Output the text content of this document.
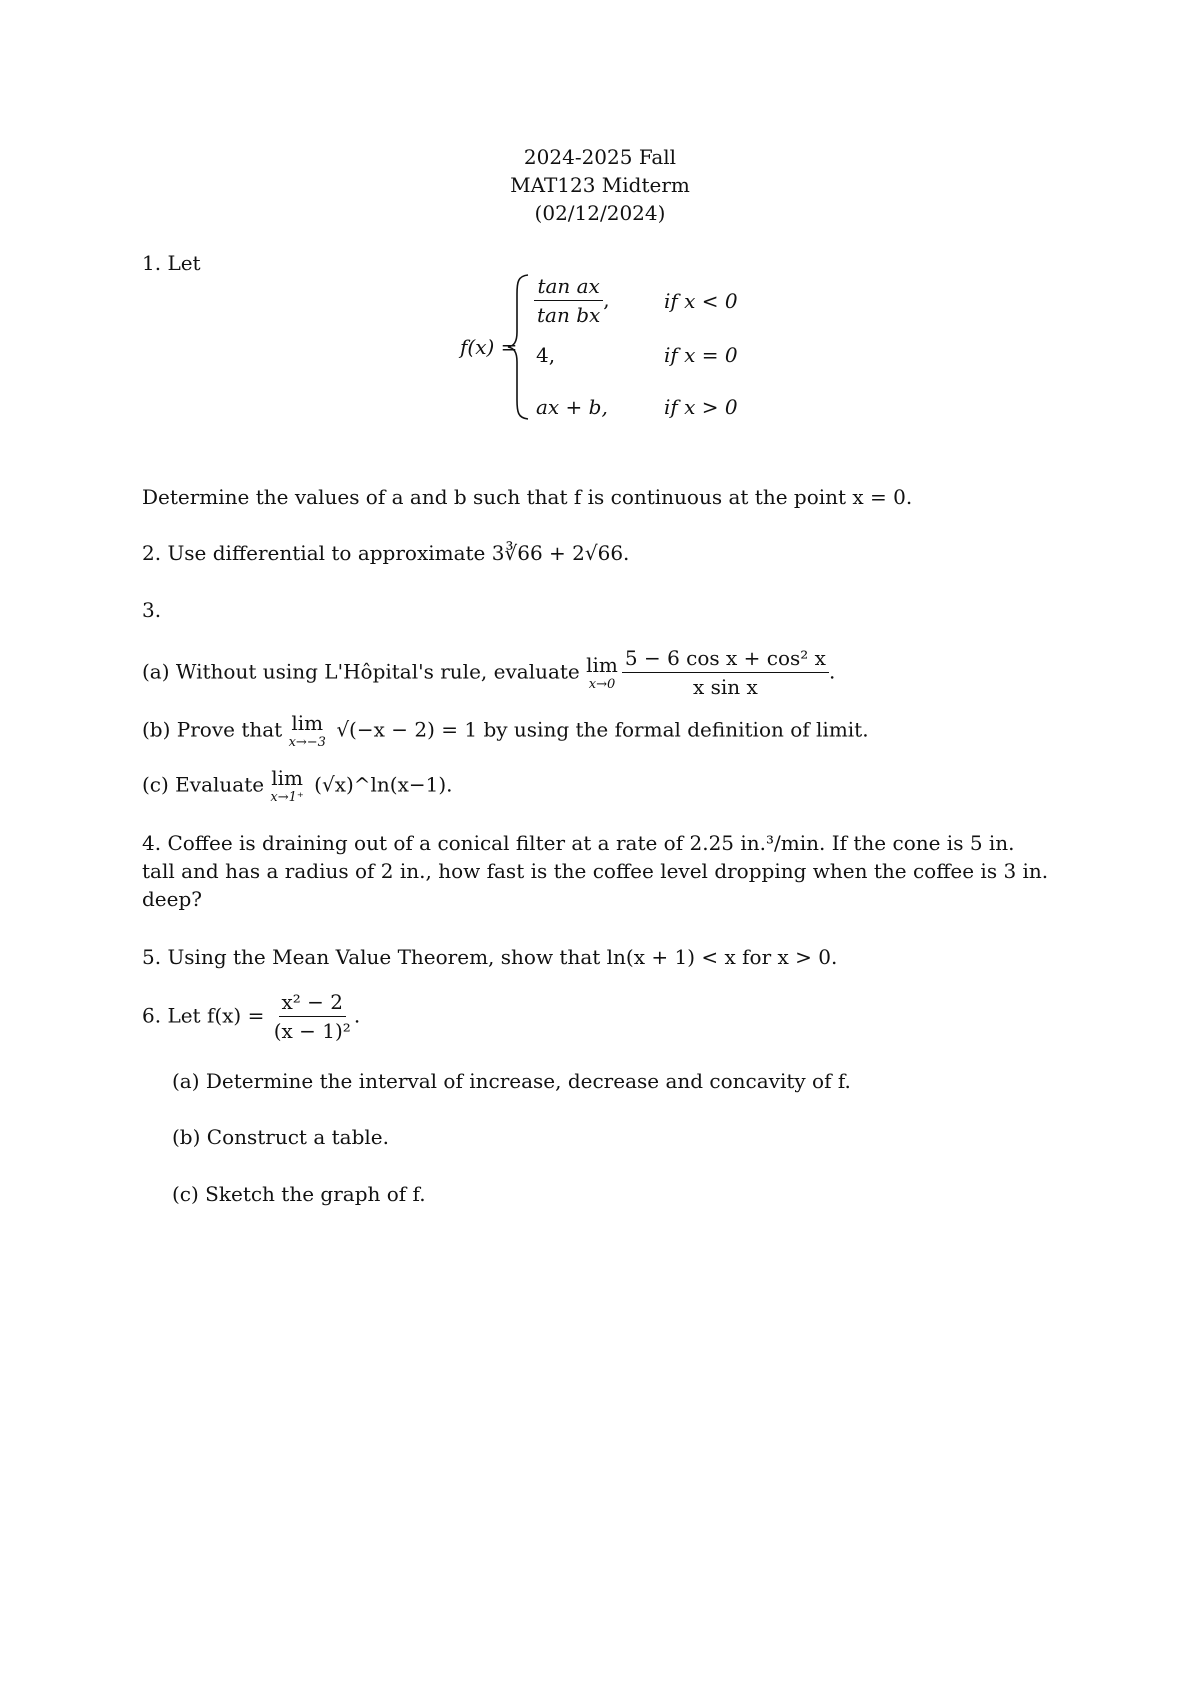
2024-2025 Fall
MAT123 Midterm
(02/12/2024)
1. Let
f(x) =
$\frac{\text{tan ax}}{\text{tan bx}}$ ,	if x < 0
4,	if x = 0
ax + b,	if x > 0
Determine the values of a and b such that f is continuous at the point x = 0.
2. Use differential to approximate 3∛66 + 2√66.
3.
(a) Without using L'Hôpital's rule, evaluate lim
$x\to 0 \frac{\text{5 − 6 cos x + cos² x}}{\text{x sin x}}$ .
(b) Prove that lim
x→−3
√(−x − 2) = 1 by using the formal definition of limit.
(c) Evaluate lim
x→1⁺
(√x)^ln(x−1).
4. Coffee is draining out of a conical filter at a rate of 2.25 in.³/min. If the cone is 5 in.
tall and has a radius of 2 in., how fast is the coffee level dropping when the coffee is 3 in.
deep?
5. Using the Mean Value Theorem, show that ln(x + 1) < x for x > 0.
6. Let $f(x) = \frac{\text{x² − 2}}{\text{(x − 1)²}}$ .
(a) Determine the interval of increase, decrease and concavity of f.
(b) Construct a table.
(c) Sketch the graph of f.
